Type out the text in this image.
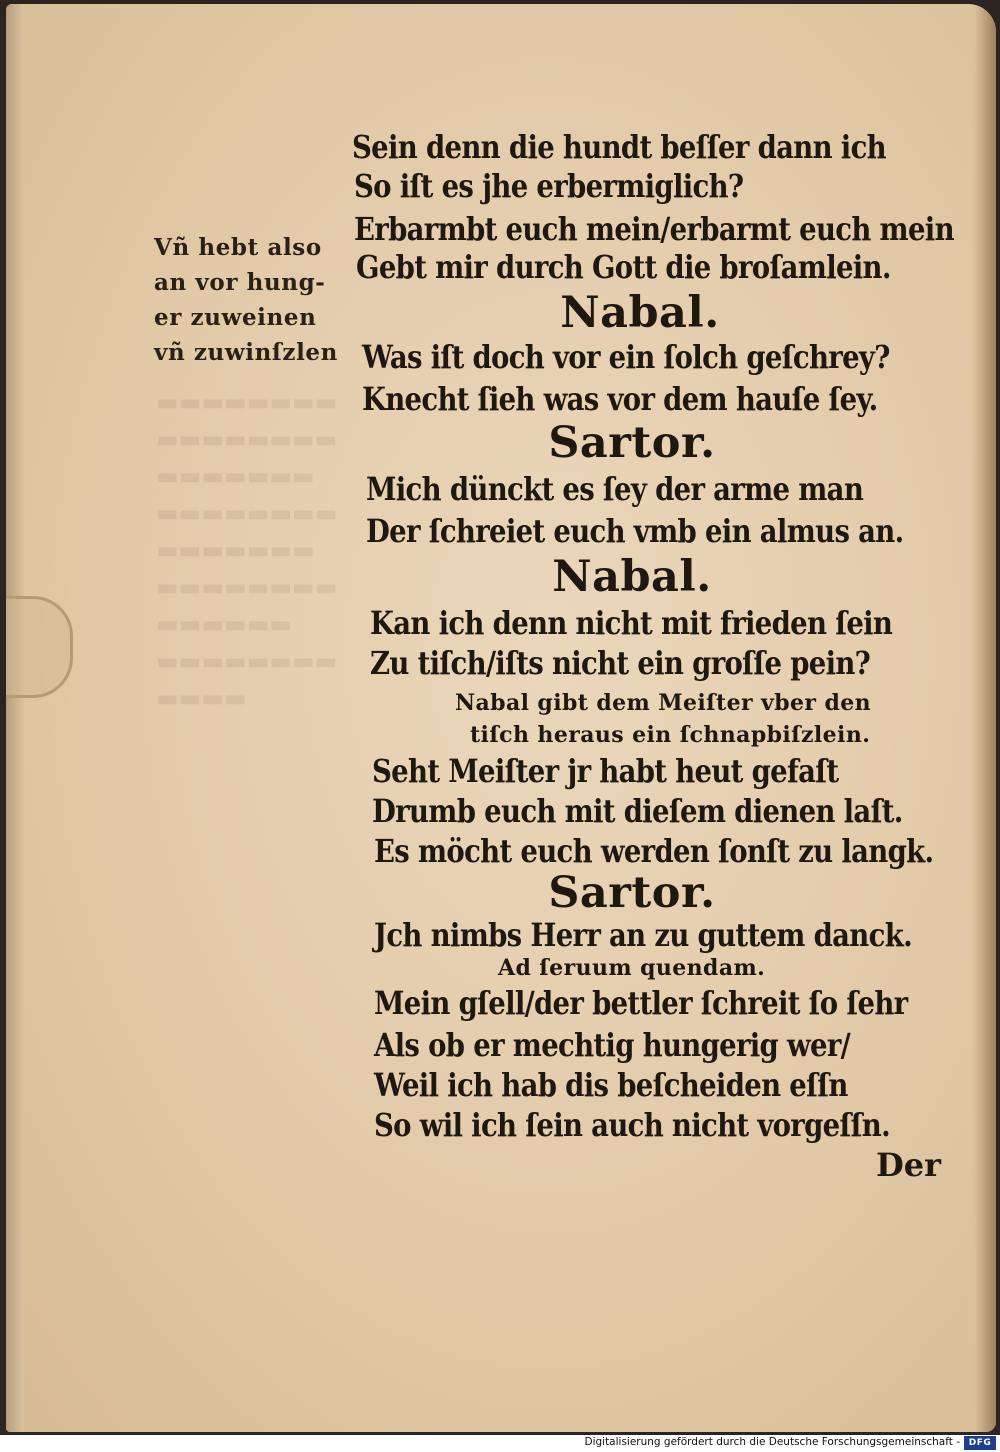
▬▬▬▬▬▬▬▬
▬▬▬▬▬▬▬▬
▬▬▬▬▬▬▬
▬▬▬▬▬▬▬▬
▬▬▬▬▬▬▬
▬▬▬▬▬▬▬▬
▬▬▬▬▬▬
▬▬▬▬▬▬▬▬
▬▬▬▬
Vñ hebt also
an vor hung-
er zuweinen
vñ zuwinſzlen
Sein denn die hundt beſſer dann ich
So iſt es jhe erbermiglich?
Erbarmbt euch mein/erbarmt euch mein
Gebt mir durch Gott die broſamlein.
Nabal.
Was iſt doch vor ein ſolch geſchrey?
Knecht ſieh was vor dem hauſe ſey.
Sartor.
Mich dünckt es ſey der arme man
Der ſchreiet euch vmb ein almus an.
Nabal.
Kan ich denn nicht mit frieden ſein
Zu tiſch/iſts nicht ein groſſe pein?
Nabal gibt dem Meiſter vber den
tiſch heraus ein ſchnapbiſzlein.
Seht Meiſter jr habt heut gefaſt
Drumb euch mit dieſem dienen laſt.
Es möcht euch werden ſonſt zu langk.
Sartor.
Jch nimbs Herr an zu guttem danck.
Ad ſeruum quendam.
Mein gſell/der bettler ſchreit ſo ſehr
Als ob er mechtig hungerig wer/
Weil ich hab dis beſcheiden eſſn
So wil ich ſein auch nicht vorgeſſn.
Der
Digitalisierung gefördert durch die Deutsche Forschungsgemeinschaft - DFG
